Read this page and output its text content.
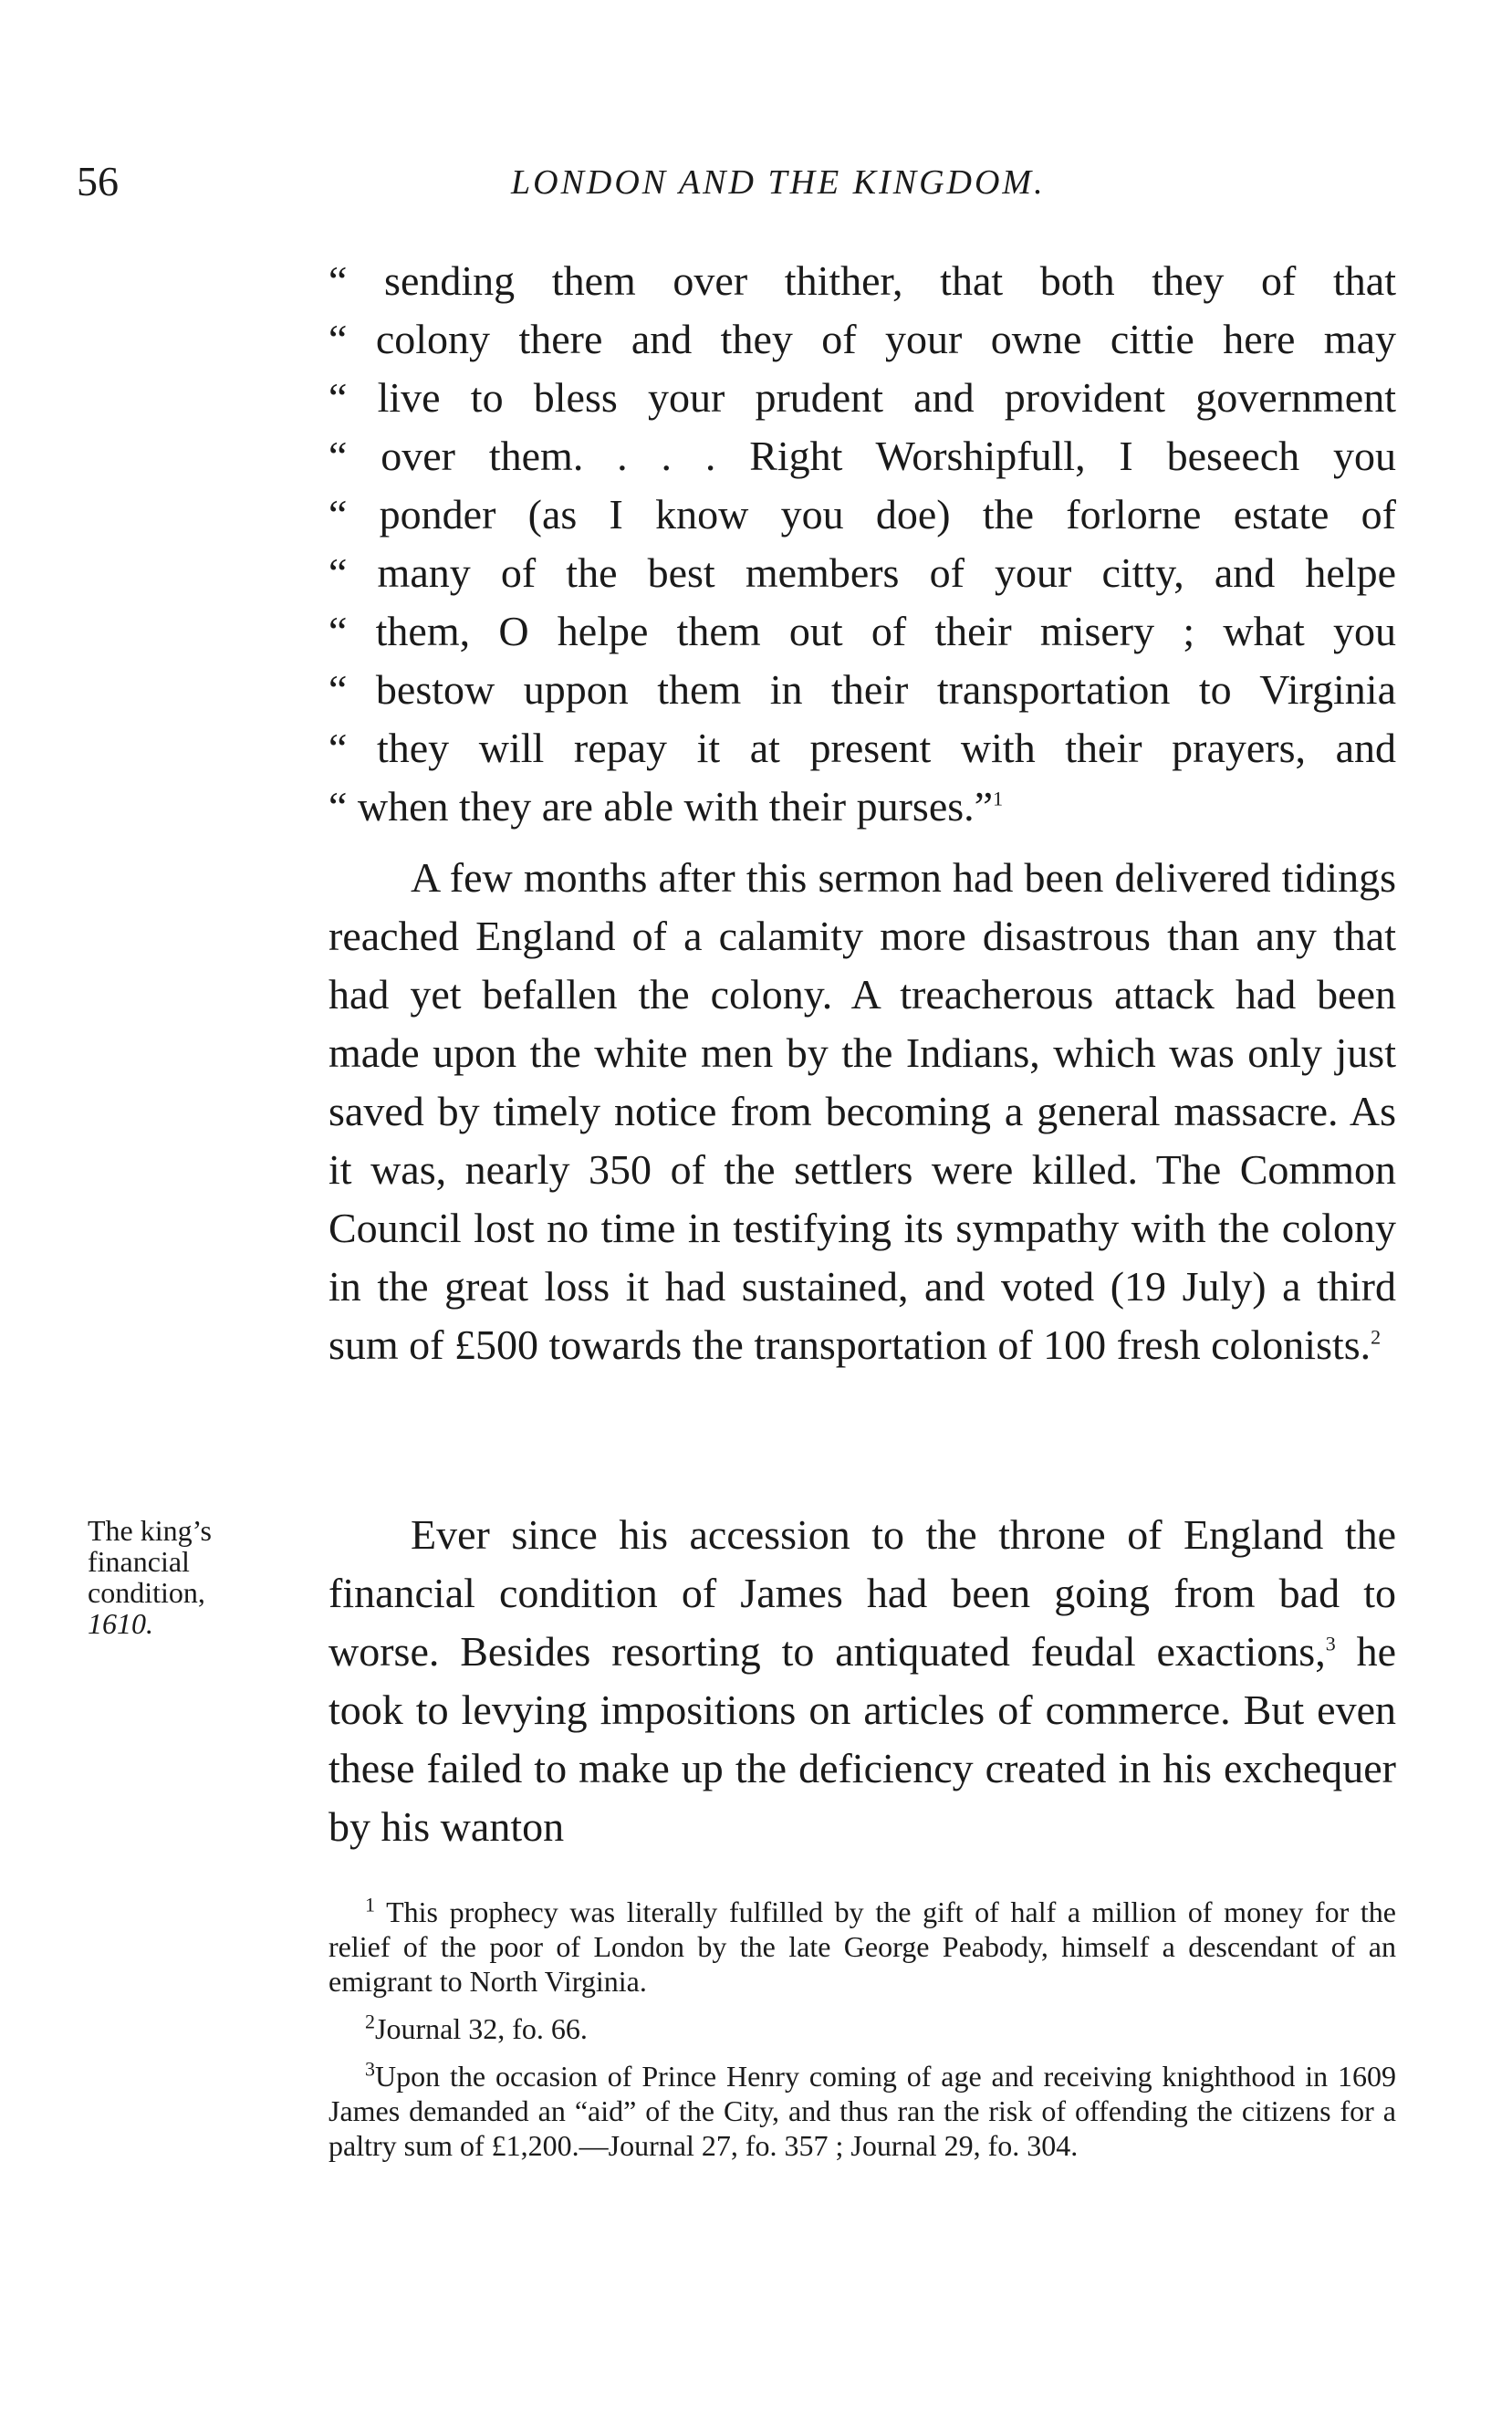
56	LONDON AND THE KINGDOM.
“ sending them over thither, that both they of that
“ colony there and they of your owne cittie here may
“ live to bless your prudent and provident government
“ over them. . . . Right Worshipfull, I beseech you
“ ponder (as I know you doe) the forlorne estate of
“ many of the best members of your citty, and helpe
“ them, O helpe them out of their misery ; what you
“ bestow uppon them in their transportation to Virginia
“ they will repay it at present with their prayers, and
“ when they are able with their purses.”$^1$

A few months after this sermon had been delivered tidings reached England of a calamity more disastrous than any that had yet befallen the colony. A treacherous attack had been made upon the white men by the Indians, which was only just saved by timely notice from becoming a general massacre. As it was, nearly 350 of the settlers were killed. The Common Council lost no time in testifying its sympathy with the colony in the great loss it had sustained, and voted (19 July) a third sum of £500 towards the transportation of 100 fresh colonists.$^2$

The king’s
financial
condition,
1610.

Ever since his accession to the throne of England the financial condition of James had been going from bad to worse. Besides resorting to antiquated feudal exactions,$^3$ he took to levying impositions on articles of commerce. But even these failed to make up the deficiency created in his exchequer by his wanton

$^1$ This prophecy was literally fulfilled by the gift of half a million of money for the relief of the poor of London by the late George Peabody, himself a descendant of an emigrant to North Virginia.

$^2$Journal 32, fo. 66.

$^3$Upon the occasion of Prince Henry coming of age and receiving knighthood in 1609 James demanded an “aid” of the City, and thus ran the risk of offending the citizens for a paltry sum of £1,200.—Journal 27, fo. 357 ; Journal 29, fo. 304.
